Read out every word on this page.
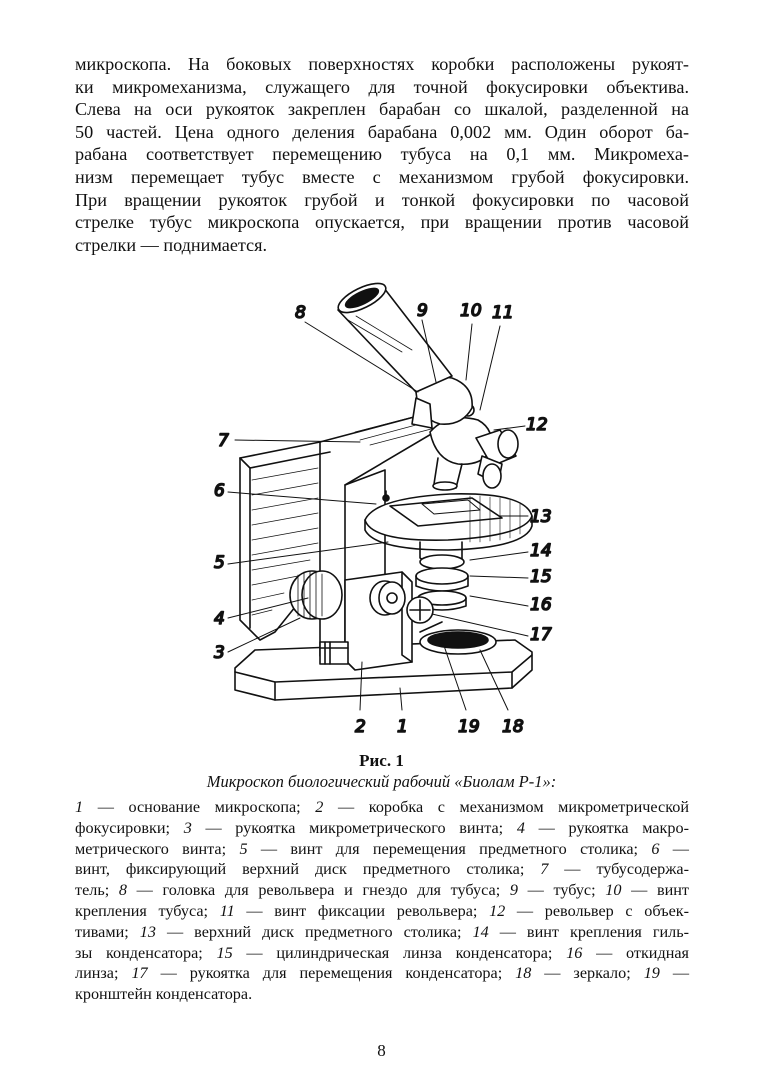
микроскопа. На боковых поверхностях коробки расположены рукоят-
ки микромеханизма, служащего для точной фокусировки объектива.
Слева на оси рукояток закреплен барабан со шкалой, разделенной на
50 частей. Цена одного деления барабана 0,002 мм. Один оборот ба-
рабана соответствует перемещению тубуса на 0,1 мм. Микромеха-
низм перемещает тубус вместе с механизмом грубой фокусировки.
При вращении рукояток грубой и тонкой фокусировки по часовой
стрелке тубус микроскопа опускается, при вращении против часовой
стрелки — поднимается.
8	9 10 11
12
7
6
13
5
14
15
16
4
17
3
2 1	19 18
Рис. 1
Микроскоп биологический рабочий «Биолам Р-1»:
1 — основание микроскопа; 2 — коробка с механизмом микрометрической
фокусировки; 3 — рукоятка микрометрического винта; 4 — рукоятка макро-
метрического винта; 5 — винт для перемещения предметного столика; 6 —
винт, фиксирующий верхний диск предметного столика; 7 — тубусодержа-
тель; 8 — головка для револьвера и гнездо для тубуса; 9 — тубус; 10 — винт
крепления тубуса; 11 — винт фиксации револьвера; 12 — револьвер с объек-
тивами; 13 — верхний диск предметного столика; 14 — винт крепления гиль-
зы конденсатора; 15 — цилиндрическая линза конденсатора; 16 — откидная
линза; 17 — рукоятка для перемещения конденсатора; 18 — зеркало; 19 —
кронштейн конденсатора.
8
